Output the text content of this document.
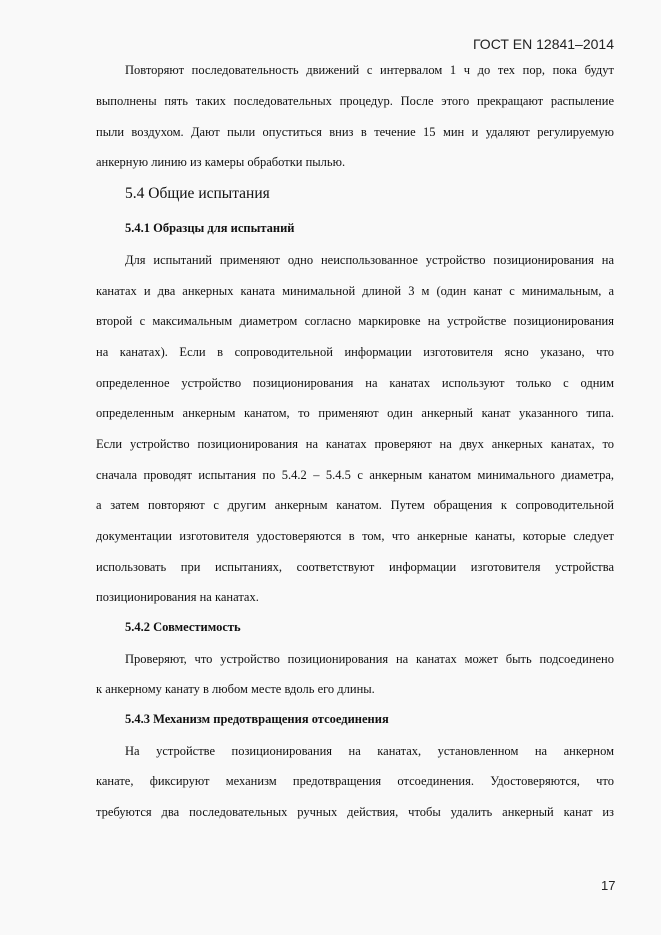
ГОСТ EN 12841–2014
Повторяют последовательность движений с интервалом 1 ч до тех пор, пока будут
выполнены пять таких последовательных процедур. После этого прекращают распыление
пыли воздухом. Дают пыли опуститься вниз в течение 15 мин и удаляют регулируемую
анкерную линию из камеры обработки пылью.
5.4 Общие испытания
5.4.1 Образцы для испытаний
Для испытаний применяют одно неиспользованное устройство позиционирования на
канатах и два анкерных каната минимальной длиной 3 м (один канат с минимальным, а
второй с максимальным диаметром согласно маркировке на устройстве позиционирования
на канатах). Если в сопроводительной информации изготовителя ясно указано, что
определенное устройство позиционирования на канатах используют только с одним
определенным анкерным канатом, то применяют один анкерный канат указанного типа.
Если устройство позиционирования на канатах проверяют на двух анкерных канатах, то
сначала проводят испытания по 5.4.2 – 5.4.5 с анкерным канатом минимального диаметра,
а затем повторяют с другим анкерным канатом. Путем обращения к сопроводительной
документации изготовителя удостоверяются в том, что анкерные канаты, которые следует
использовать при испытаниях, соответствуют информации изготовителя устройства
позиционирования на канатах.
5.4.2 Совместимость
Проверяют, что устройство позиционирования на канатах может быть подсоединено
к анкерному канату в любом месте вдоль его длины.
5.4.3 Механизм предотвращения отсоединения
На устройстве позиционирования на канатах, установленном на анкерном
канате, фиксируют механизм предотвращения отсоединения. Удостоверяются, что
требуются два последовательных ручных действия, чтобы удалить анкерный канат из
17
